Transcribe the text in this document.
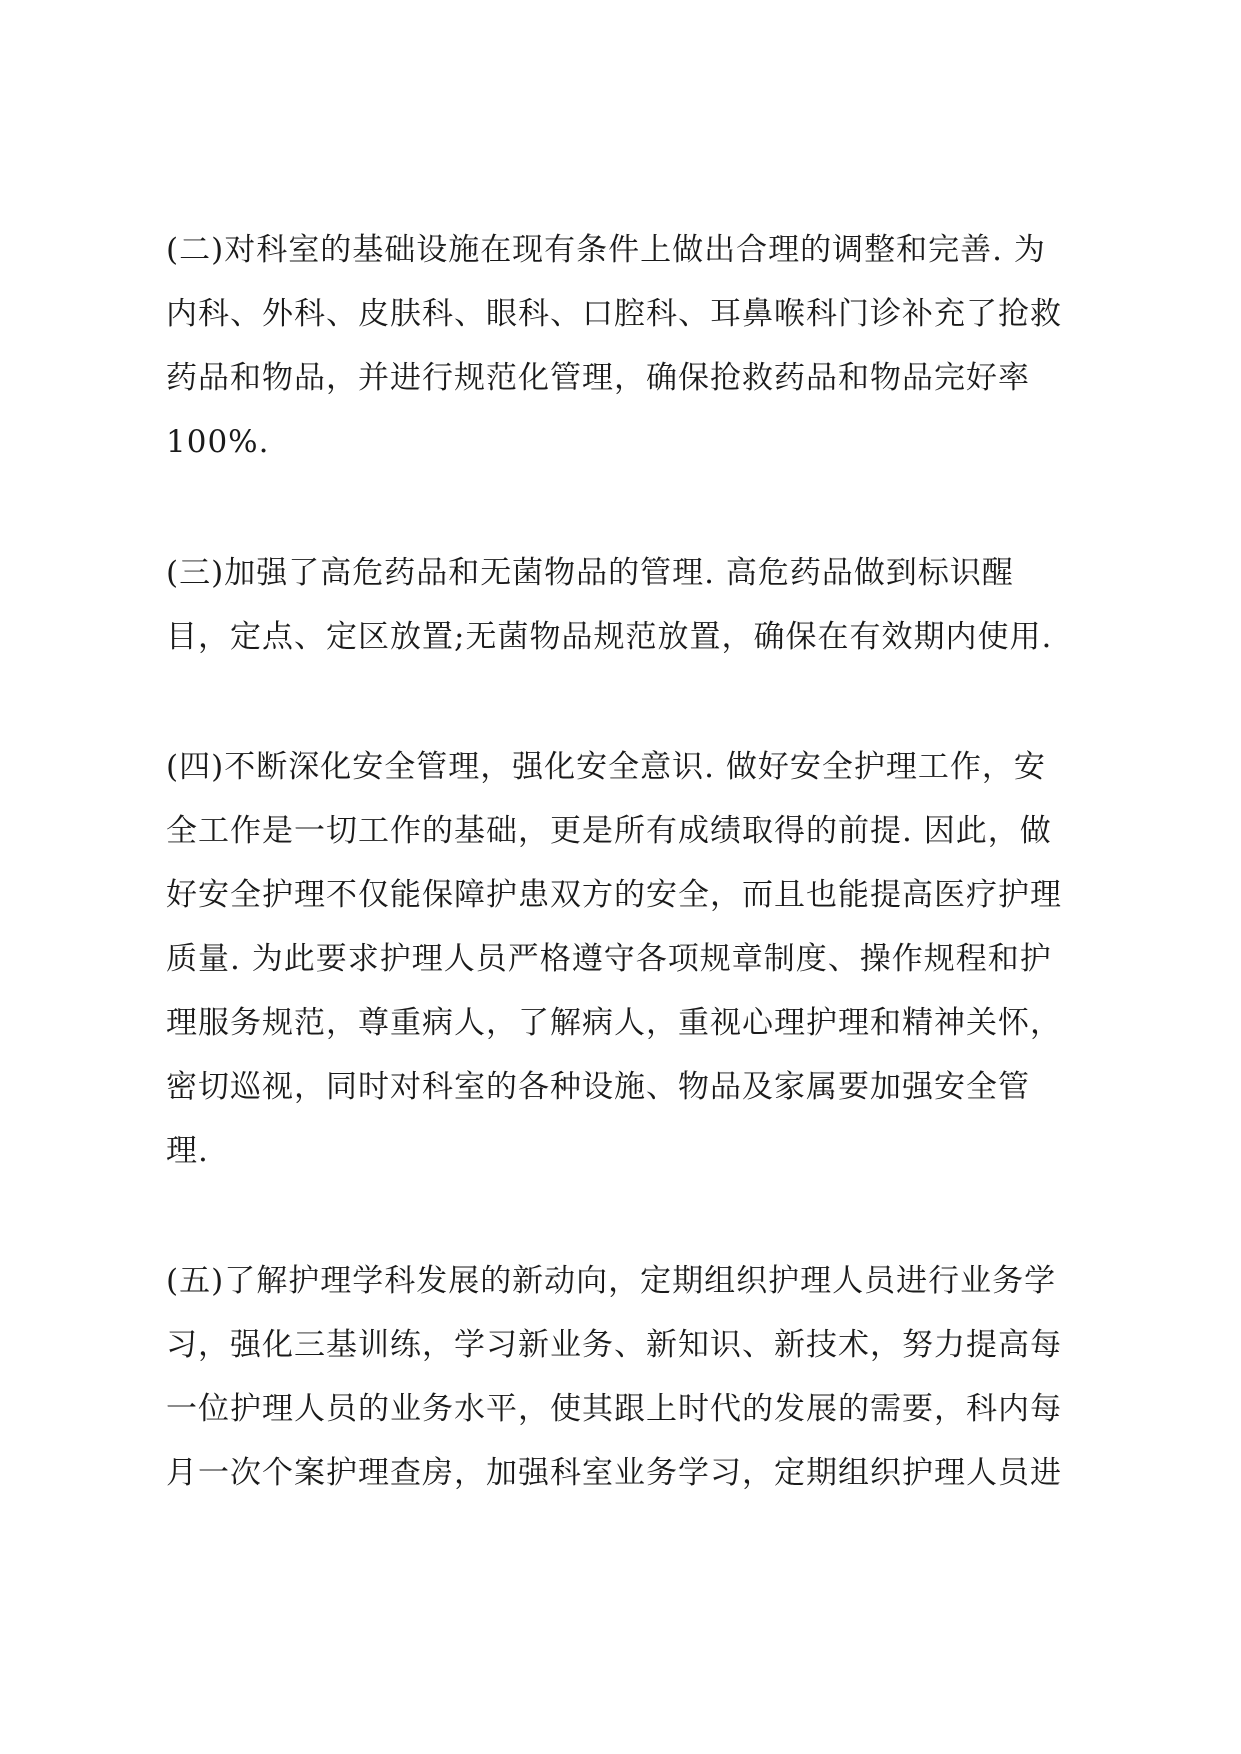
(二)对科室的基础设施在现有条件上做出合理的调整和完善. 为
内科、外科、皮肤科、眼科、口腔科、耳鼻喉科门诊补充了抢救
药品和物品，并进行规范化管理，确保抢救药品和物品完好率
100%.
(三)加强了高危药品和无菌物品的管理. 高危药品做到标识醒
目，定点、定区放置;无菌物品规范放置，确保在有效期内使用.
(四)不断深化安全管理，强化安全意识. 做好安全护理工作，安
全工作是一切工作的基础，更是所有成绩取得的前提. 因此，做
好安全护理不仅能保障护患双方的安全，而且也能提高医疗护理
质量. 为此要求护理人员严格遵守各项规章制度、操作规程和护
理服务规范，尊重病人，了解病人，重视心理护理和精神关怀，
密切巡视，同时对科室的各种设施、物品及家属要加强安全管
理.
(五)了解护理学科发展的新动向，定期组织护理人员进行业务学
习，强化三基训练，学习新业务、新知识、新技术，努力提高每
一位护理人员的业务水平，使其跟上时代的发展的需要，科内每
月一次个案护理查房，加强科室业务学习，定期组织护理人员进
